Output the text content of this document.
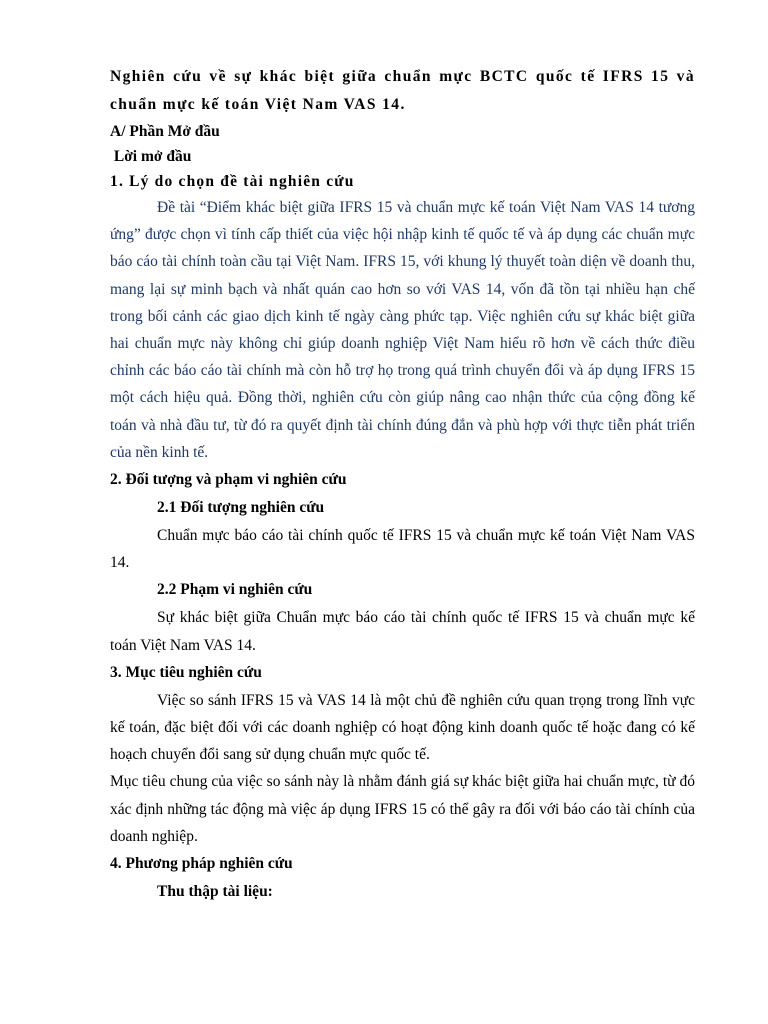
Nghiên cứu về sự khác biệt giữa chuẩn mực BCTC quốc tế IFRS 15 và chuẩn mực kế toán Việt Nam VAS 14.

A/ Phần Mở đầu

Lời mở đầu

1. Lý do chọn đề tài nghiên cứu

Đề tài “Điểm khác biệt giữa IFRS 15 và chuẩn mực kế toán Việt Nam VAS 14 tương ứng” được chọn vì tính cấp thiết của việc hội nhập kinh tế quốc tế và áp dụng các chuẩn mực báo cáo tài chính toàn cầu tại Việt Nam. IFRS 15, với khung lý thuyết toàn diện về doanh thu, mang lại sự minh bạch và nhất quán cao hơn so với VAS 14, vốn đã tồn tại nhiều hạn chế trong bối cảnh các giao dịch kinh tế ngày càng phức tạp. Việc nghiên cứu sự khác biệt giữa hai chuẩn mực này không chỉ giúp doanh nghiệp Việt Nam hiểu rõ hơn về cách thức điều chỉnh các báo cáo tài chính mà còn hỗ trợ họ trong quá trình chuyển đổi và áp dụng IFRS 15 một cách hiệu quả. Đồng thời, nghiên cứu còn giúp nâng cao nhận thức của cộng đồng kế toán và nhà đầu tư, từ đó ra quyết định tài chính đúng đắn và phù hợp với thực tiễn phát triển của nền kinh tế.

2. Đối tượng và phạm vi nghiên cứu

2.1 Đối tượng nghiên cứu

Chuẩn mực báo cáo tài chính quốc tế IFRS 15 và chuẩn mực kế toán Việt Nam VAS 14.

2.2 Phạm vi nghiên cứu

Sự khác biệt giữa Chuẩn mực báo cáo tài chính quốc tế IFRS 15 và chuẩn mực kế toán Việt Nam VAS 14.

3. Mục tiêu nghiên cứu

Việc so sánh IFRS 15 và VAS 14 là một chủ đề nghiên cứu quan trọng trong lĩnh vực kế toán, đặc biệt đối với các doanh nghiệp có hoạt động kinh doanh quốc tế hoặc đang có kế hoạch chuyển đổi sang sử dụng chuẩn mực quốc tế.

Mục tiêu chung của việc so sánh này là nhằm đánh giá sự khác biệt giữa hai chuẩn mực, từ đó xác định những tác động mà việc áp dụng IFRS 15 có thể gây ra đối với báo cáo tài chính của doanh nghiệp.

4. Phương pháp nghiên cứu

Thu thập tài liệu:
